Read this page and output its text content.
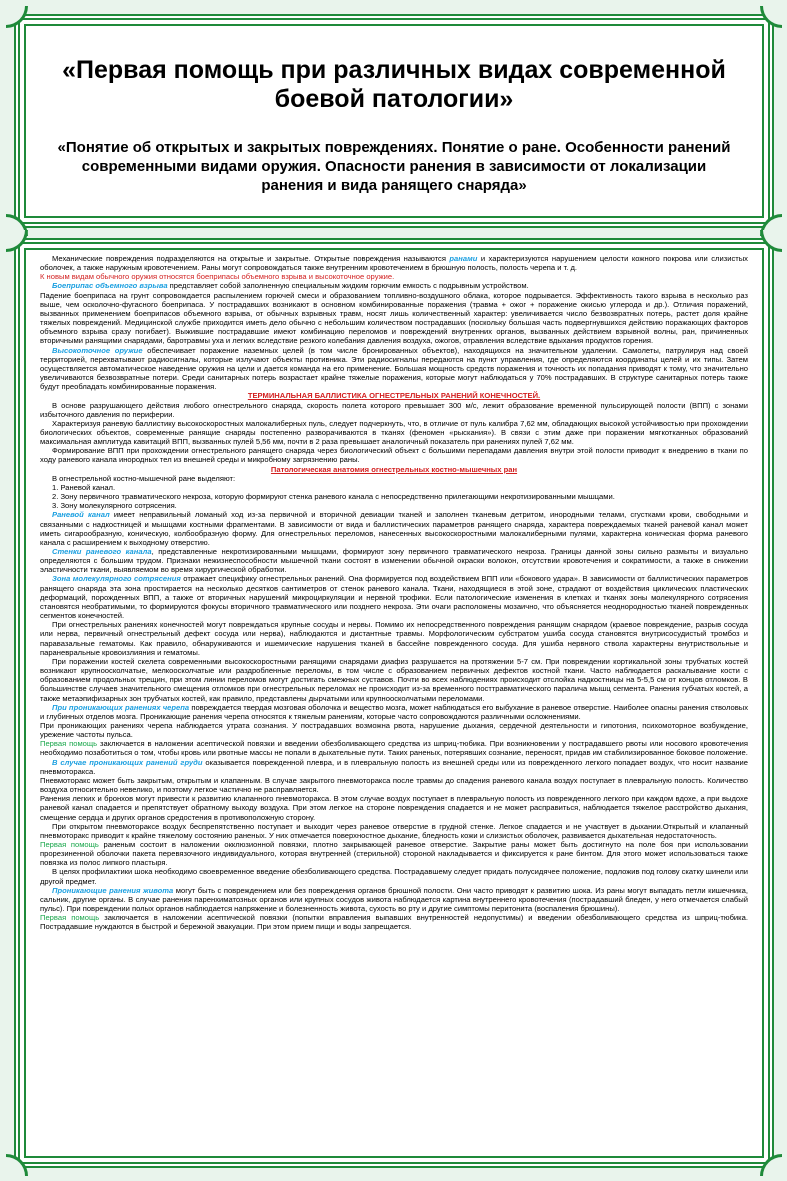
«Первая помощь при различных видах современной боевой патологии»
«Понятие об открытых и закрытых повреждениях. Понятие о ране. Особенности ранений современными видами оружия. Опасности ранения в зависимости от локализации ранения и вида ранящего снаряда»

Механические повреждения подразделяются на открытые и закрытые. Открытые повреждения называются ранами и характеризуются нарушением целости кожного покрова или слизистых оболочек, а также наружным кровотечением. Раны могут сопровождаться также внутренним кровотечением в брюшную полость, полость черепа и т. д.

К новым видам обычного оружия относятся боеприпасы объемного взрыва и высокоточное оружие.

Боеприпас объемного взрыва представляет собой заполненную специальным жидким горючим емкость с подрывным устройством.

Падение боеприпаса на грунт сопровождается распылением горючей смеси и образованием топливно-воздушного облака, которое подрывается. Эффективность такого взрыва в несколько раз выше, чем осколочно-фугасного боеприпаса. У пострадавших возникают в основном комбинированные поражения (травма + ожог + поражение окисью углерода и др.). Отличия поражений, вызванных применением боеприпасов объемного взрыва, от обычных взрывных травм, носят лишь количественный характер: увеличивается число безвозвратных потерь, растет доля крайне тяжелых повреждений. Медицинской службе приходится иметь дело обычно с небольшим количеством пострадавших (поскольку большая часть подвергнувшихся действию поражающих факторов объемного взрыва сразу погибает). Выжившие пострадавшие имеют комбинацию переломов и повреждений внутренних органов, вызванных действием взрывной волны, ран, причиненных вторичными ранящими снарядами, баротравмы уха и легких вследствие резкого колебания давления воздуха, ожогов, отравления вследствие вдыхания продуктов горения.

Высокоточное оружие обеспечивает поражение наземных целей (в том числе бронированных объектов), находящихся на значительном удалении. Самолеты, патрулируя над своей территорией, перехватывают радиосигналы, которые излучают объекты противника. Эти радиосигналы передаются на пункт управления, где определяются координаты целей и их типы. Затем осуществляется автоматическое наведение оружия на цели и дается команда на его применение. Большая мощность средств поражения и точность их попадания приводят к тому, что значительно увеличиваются безвозвратные потери. Среди санитарных потерь возрастает крайне тяжелые поражения, которые могут наблюдаться у 70% пострадавших. В структуре санитарных потерь также будут преобладать комбинированные поражения.

ТЕРМИНАЛЬНАЯ БАЛЛИСТИКА ОГНЕСТРЕЛЬНЫХ РАНЕНИЙ КОНЕЧНОСТЕЙ.

В основе разрушающего действия любого огнестрельного снаряда, скорость полета которого превышает 300 м/с, лежит образование временной пульсирующей полости (ВПП) с зонами избыточного давления по периферии.

Характеризуя раневую баллистику высокоскоростных малокалиберных пуль, следует подчеркнуть, что, в отличие от пуль калибра 7,62 мм, обладающих высокой устойчивостью при прохождении биологических объектов, современные ранящие снаряды постепенно разворачиваются в тканях (феномен «рыскания»). В связи с этим даже при поражении мягкотканных образований максимальная амплитуда кавитаций ВПП, вызванных пулей 5,56 мм, почти в 2 раза превышает аналогичный показатель при ранениях пулей 7,62 мм.

Формирование ВПП при прохождении огнестрельного ранящего снаряда через биологический объект с большими перепадами давления внутри этой полости приводит к внедрению в ткани по ходу раневого канала инородных тел из внешней среды и микробному загрязнению раны.

Патологическая анатомия огнестрельных костно-мышечных ран

В огнестрельной костно-мышечной ране выделяют:

1. Раневой канал.

2. Зону первичного травматического некроза, которую формируют стенка раневого канала с непосредственно прилегающими некротизированными мышцами.

3. Зону молекулярного сотрясения.

Раневой канал имеет неправильный ломаный ход из-за первичной и вторичной девиации тканей и заполнен тканевым детритом, инородными телами, сгустками крови, свободными и связанными с надкостницей и мышцами костными фрагментами. В зависимости от вида и баллистических параметров ранящего снаряда, характера повреждаемых тканей раневой канал может иметь сигарообразную, коническую, колбообразную форму. Для огнестрельных переломов, нанесенных высокоскоростными малокалиберными пулями, характерна коническая форма раневого канала с расширением к выходному отверстию.

Стенки раневого канала, представленные некротизированными мышцами, формируют зону первичного травматического некроза. Границы данной зоны сильно размыты и визуально определяются с большим трудом. Признаки нежизнеспособности мышечной ткани состоят в изменении обычной окраски волокон, отсутствии кровотечения и сократимости, а также в снижении эластичности ткани, выявляемом во время хирургической обработки.

Зона молекулярного сотрясения отражает специфику огнестрельных ранений. Она формируется под воздействием ВПП или «бокового удара». В зависимости от баллистических параметров ранящего снаряда эта зона простирается на несколько десятков сантиметров от стенок раневого канала. Ткани, находящиеся в этой зоне, страдают от воздействия циклических пластических деформаций, порожденных ВПП, а также от вторичных нарушений микроциркуляции и нервной трофики. Если патологические изменения в клетках и тканях зоны молекулярного сотрясения становятся необратимыми, то формируются фокусы вторичного травматического или позднего некроза. Эти очаги расположены мозаично, что объясняется неоднородностью тканей поврежденных сегментов конечностей.

При огнестрельных ранениях конечностей могут повреждаться крупные сосуды и нервы. Помимо их непосредственного повреждения ранящим снарядом (краевое повреждение, разрыв сосуда или нерва, первичный огнестрельный дефект сосуда или нерва), наблюдаются и дистантные травмы. Морфологическим субстратом ушиба сосуда становятся внутрисосудистый тромбоз и паравазальные гематомы. Как правило, обнаруживаются и ишемические нарушения тканей в бассейне поврежденного сосуда. Для ушиба нервного ствола характерны внутриствольные и параневральные кровоизлияния и гематомы.

При поражении костей скелета современными высокоскоростными ранящими снарядами диафиз разрушается на протяжении 5-7 см. При повреждении кортикальной зоны трубчатых костей возникают крупноосколчатые, мелкоосколчатые или раздробленные переломы, в том числе с образованием первичных дефектов костной ткани. Часто наблюдается раскалывание кости с образованием продольных трещин, при этом линии переломов могут достигать смежных суставов. Почти во всех наблюдениях происходит отслойка надкостницы на 5-5,5 см от концов отломков. В большинстве случаев значительного смещения отломков при огнестрельных переломах не происходит из-за временного посттравматического паралича мышц сегмента. Ранения губчатых костей, а также метаэпифизарных зон трубчатых костей, как правило, представлены дырчатыми или крупноосколчатыми переломами.

При проникающих ранениях черепа повреждается твердая мозговая оболочка и вещество мозга, может наблюдаться его выбухание в раневое отверстие. Наиболее опасны ранения стволовых и глубинных отделов мозга. Проникающие ранения черепа относятся к тяжелым ранениям, которые часто сопровождаются различными осложнениями.

При проникающих ранениях черепа наблюдается утрата сознания. У пострадавших возможна рвота, нарушение дыхания, сердечной деятельности и гипотония, психомоторное возбуждение, урежение частоты пульса.

Первая помощь заключается в наложении асептической повязки и введении обезболивающего средства из шприц-тюбика. При возникновении у пострадавшего рвоты или носового кровотечения необходимо позаботиться о том, чтобы кровь или рвотные массы не попали в дыхательные пути. Таких раненых, потерявших сознание, переносят, придав им стабилизированное боковое положение.

В случае проникающих ранений груди оказывается поврежденной плевра, и в плевральную полость из внешней среды или из поврежденного легкого попадает воздух, что носит название пневмоторакса.

Пневмоторакс может быть закрытым, открытым и клапанным. В случае закрытого пневмоторакса после травмы до спадения раневого канала воздух поступает в плевральную полость. Количество воздуха относительно невелико, и поэтому легкое частично не расправляется.

Ранения легких и бронхов могут привести к развитию клапанного пневмоторакса. В этом случае воздух поступает в плевральную полость из поврежденного легкого при каждом вдохе, а при выдохе раневой канал спадается и препятствует обратному выходу воздуха. При этом легкое на стороне повреждения спадается и не может расправиться, наблюдается тяжелое расстройство дыхания, смещение сердца и других органов средостения в противоположную сторону.

При открытом пневмотораксе воздух беспрепятственно поступает и выходит через раневое отверстие в грудной стенке. Легкое спадается и не участвует в дыхании.Открытый и клапанный пневмоторакс приводит к крайне тяжелому состоянию раненых. У них отмечается поверхностное дыхание, бледность кожи и слизистых оболочек, развивается дыхательная недостаточность.

Первая помощь раненым состоит в наложении окклюзионной повязки, плотно закрывающей раневое отверстие. Закрытие раны может быть достигнуто на поле боя при использовании прорезиненной оболочки пакета перевязочного индивидуального, которая внутренней (стерильной) стороной накладывается и фиксируется к ране бинтом. Для этого может использоваться также повязка из полос липкого пластыря.

В целях профилактики шока необходимо своевременное введение обезболивающего средства. Пострадавшему следует придать полусидячее положение, подложив под голову скатку шинели или другой предмет.

Проникающие ранения живота могут быть с повреждением или без повреждения органов брюшной полости. Они часто приводят к развитию шока. Из раны могут выпадать петли кишечника, сальник, другие органы. В случае ранения паренхиматозных органов или крупных сосудов живота наблюдается картина внутреннего кровотечения (пострадавший бледен, у него отмечается слабый пульс). При повреждении полых органов наблюдается напряжение и болезненность живота, сухость во рту и другие симптомы перитонита (воспаления брюшины).

Первая помощь заключается в наложении асептической повязки (попытки вправления выпавших внутренностей недопустимы) и введении обезболивающего средства из шприц-тюбика. Пострадавшие нуждаются в быстрой и бережной эвакуации. При этом прием пищи и воды запрещается.
